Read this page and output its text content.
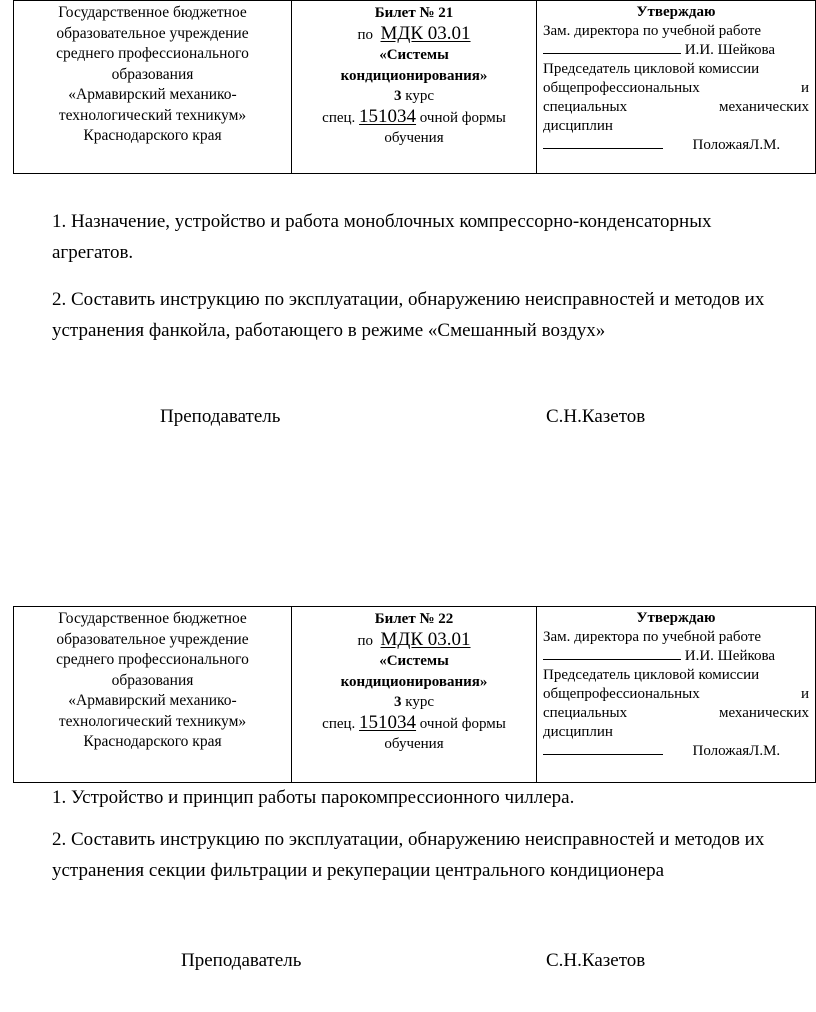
Государственное бюджетное
образовательное учреждение
среднего профессионального
образования
«Армавирский механико-
технологический техникум»
Краснодарского края

Билет № 21
по МДК 03.01
«Системы
кондиционирования»
3 курс
спец. 151034 очной формы
обучения

Утверждаю
Зам. директора по учебной работе
И.И. Шейкова
Председатель цикловой комиссии
общепрофессиональных	и
специальных	механических
дисциплин
ПоложаяЛ.М.

1. Назначение, устройство и работа моноблочных компрессорно-конденсаторных агрегатов.

2. Составить инструкцию по эксплуатации, обнаружению неисправностей и методов их устранения фанкойла, работающего в режиме «Смешанный воздух»

Преподаватель	С.Н.Казетов
Государственное бюджетное
образовательное учреждение
среднего профессионального
образования
«Армавирский механико-
технологический техникум»
Краснодарского края

Билет № 22
по МДК 03.01
«Системы
кондиционирования»
3 курс
спец. 151034 очной формы
обучения

Утверждаю
Зам. директора по учебной работе
И.И. Шейкова
Председатель цикловой комиссии
общепрофессиональных	и
специальных	механических
дисциплин
ПоложаяЛ.М.

1. Устройство и принцип работы парокомпрессионного чиллера.

2. Составить инструкцию по эксплуатации, обнаружению неисправностей и методов их устранения секции фильтрации и рекуперации центрального кондиционера

Преподаватель	С.Н.Казетов
